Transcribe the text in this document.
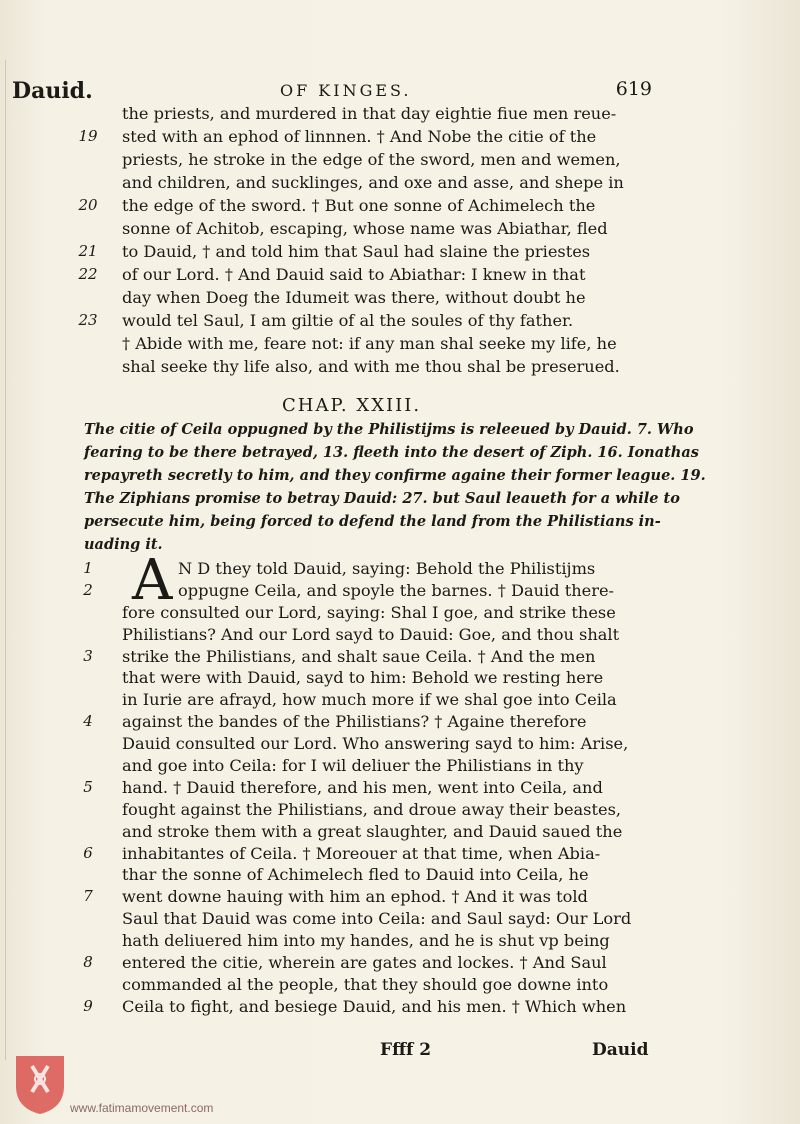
Dauid.	OF KINGES.	619
the priests, and murdered in that day eightie fiue men reue-
19 sted with an ephod of linnnen. † And Nobe the citie of the
priests, he stroke in the edge of the sword, men and wemen,
and children, and sucklinges, and oxe and asse, and shepe in
20 the edge of the sword. † But one sonne of Achimelech the
sonne of Achitob, escaping, whose name was Abiathar, fled
21 to Dauid, † and told him that Saul had slaine the priestes
22 of our Lord. † And Dauid said to Abiathar: I knew in that
day when Doeg the Idumeit was there, without doubt he
23 would tel Saul, I am giltie of al the soules of thy father.
† Abide with me, feare not: if any man shal seeke my life, he
shal seeke thy life also, and with me thou shal be preserued.
CHAP. XXIII.
The citie of Ceila oppugned by the Philistijms is releeued by Dauid. 7. Who
fearing to be there betrayed, 13. fleeth into the desert of Ziph. 16. Ionathas
repayreth secretly to him, and they confirme againe their former league. 19.
The Ziphians promise to betray Dauid: 27. but Saul leaueth for a while to
persecute him, being forced to defend the land from the Philistians in-
uading it.
A
1	N D they told Dauid, saying: Behold the Philistijms
2	oppugne Ceila, and spoyle the barnes. † Dauid there-
fore consulted our Lord, saying: Shal I goe, and strike these
Philistians? And our Lord sayd to Dauid: Goe, and thou shalt
3	strike the Philistians, and shalt saue Ceila. † And the men
that were with Dauid, sayd to him: Behold we resting here
in Iurie are afrayd, how much more if we shal goe into Ceila
4	against the bandes of the Philistians? † Againe therefore
Dauid consulted our Lord. Who answering sayd to him: Arise,
and goe into Ceila: for I wil deliuer the Philistians in thy
5	hand. † Dauid therefore, and his men, went into Ceila, and
fought against the Philistians, and droue away their beastes,
and stroke them with a great slaughter, and Dauid saued the
6	inhabitantes of Ceila. † Moreouer at that time, when Abia-
thar the sonne of Achimelech fled to Dauid into Ceila, he
7	went downe hauing with him an ephod. † And it was told
Saul that Dauid was come into Ceila: and Saul sayd: Our Lord
hath deliuered him into my handes, and he is shut vp being
8	entered the citie, wherein are gates and lockes. † And Saul
commanded al the people, that they should goe downe into
9	Ceila to fight, and besiege Dauid, and his men. † Which when
Ffff 2	Dauid
www.fatimamovement.com
